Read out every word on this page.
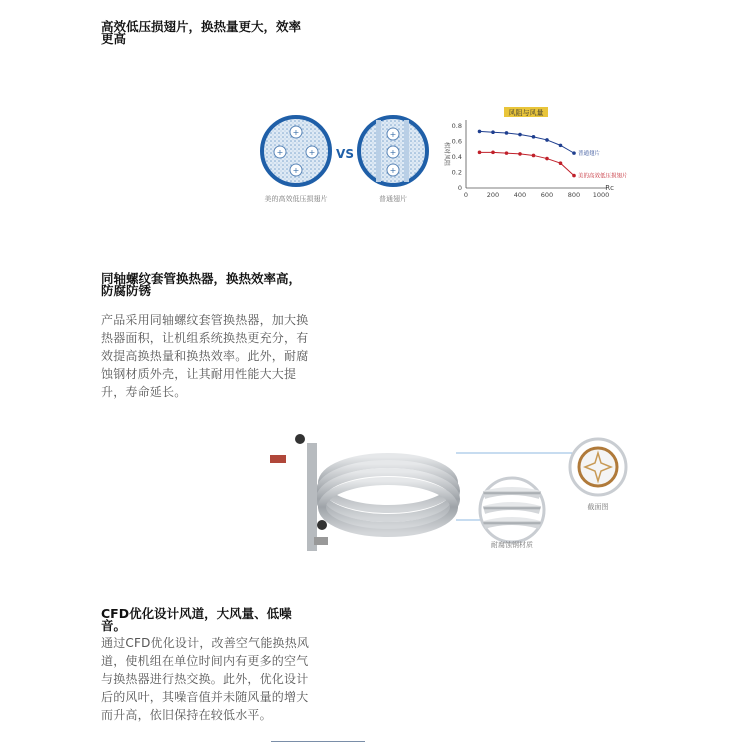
高效低压损翅片，换热量更大，效率更高
+
+	+
+
VS
+
+
+
美的高效低压损翅片	普通翅片
风阻与风量
相对风阻
Rc
0	200 400 600 800 1000
0
0.2
0.4
0.6
0.8
普通翅片
美的高效低压损翅片
同轴螺纹套管换热器，换热效率高，防腐防锈
产品采用同轴螺纹套管换热器，加大换热器面积，让机组系统换热更充分，有效提高换热量和换热效率。此外，耐腐蚀钢材质外壳，让其耐用性能大大提升，寿命延长。
截面图
耐腐蚀钢材质
CFD优化设计风道，大风量、低噪音。
通过CFD优化设计，改善空气能换热风道，使机组在单位时间内有更多的空气与换热器进行热交换。此外，优化设计后的风叶，其噪音值并未随风量的增大而升高，依旧保持在较低水平。
